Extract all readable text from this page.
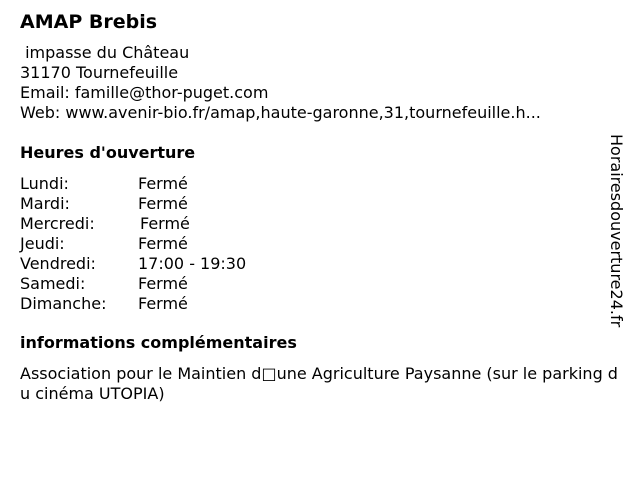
AMAP Brebis
impasse du Château
31170 Tournefeuille
Email: famille@thor-puget.com
Web: www.avenir-bio.fr/amap,haute-garonne,31,tournefeuille.h...
Heures d'ouverture
Lundi:	Fermé
Mardi:	Fermé
Mercredi:	Fermé
Jeudi:	Fermé
Vendredi:	17:00 - 19:30
Samedi:	Fermé
Dimanche: Fermé
informations complémentaires
Association pour le Maintien d□une Agriculture Paysanne (sur le parking du cinéma UTOPIA)
Horairesdouverture24.fr
